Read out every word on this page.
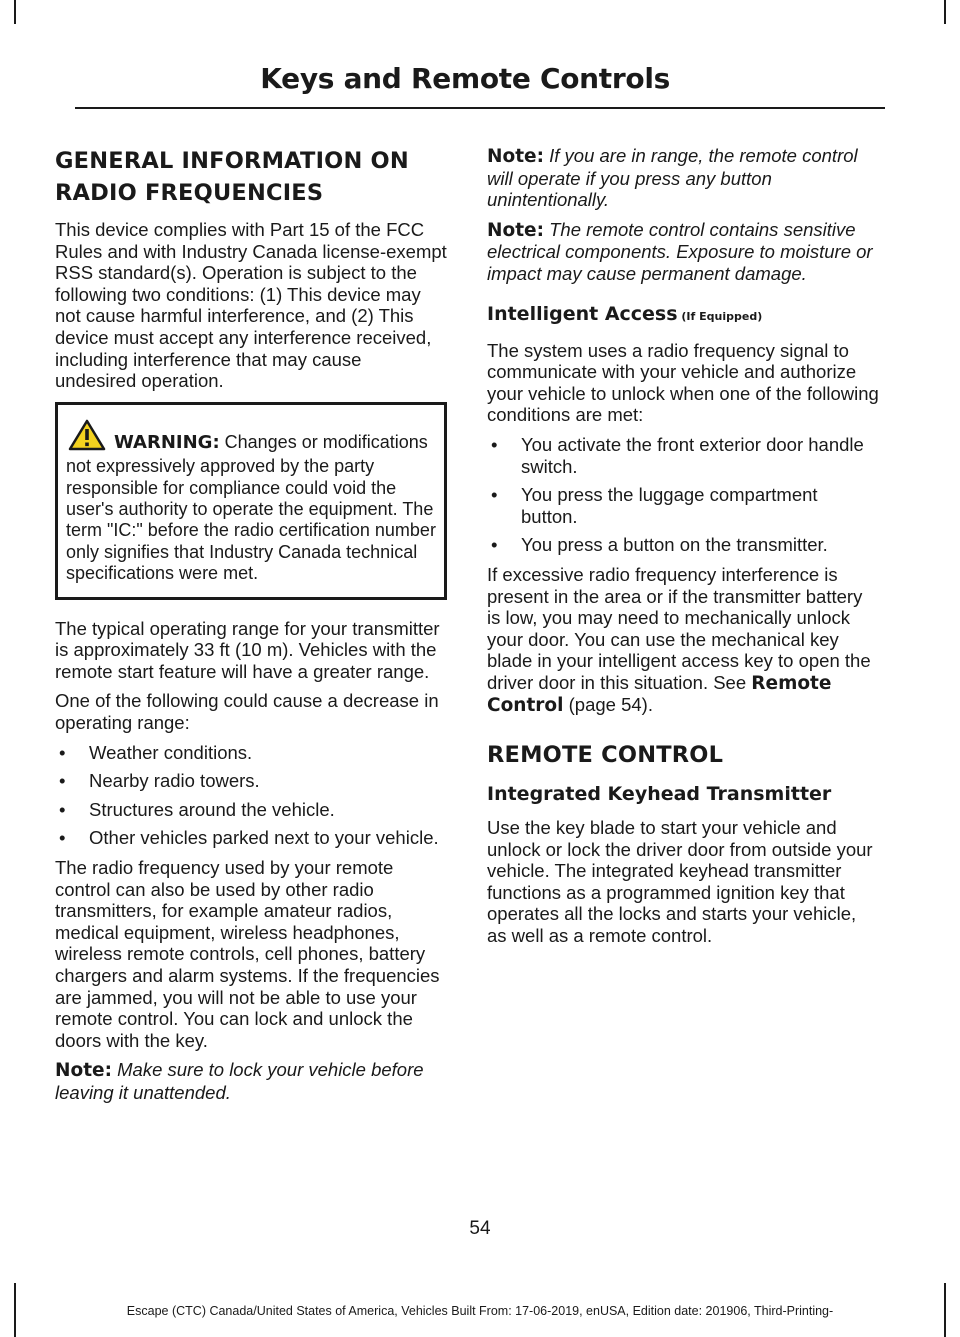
Keys and Remote Controls
GENERAL INFORMATION ON
RADIO FREQUENCIES

This device complies with Part 15 of the FCC Rules and with Industry Canada license-exempt RSS standard(s). Operation is subject to the following two conditions: (1) This device may not cause harmful interference, and (2) This device must accept any interference received, including interference that may cause undesired operation.

WARNING: Changes or modifications not expressively approved by the party responsible for compliance could void the user's authority to operate the equipment. The term "IC:" before the radio certification number only signifies that Industry Canada technical specifications were met.

The typical operating range for your transmitter is approximately 33 ft (10 m). Vehicles with the remote start feature will have a greater range.

One of the following could cause a decrease in operating range:

• Weather conditions.
• Nearby radio towers.
• Structures around the vehicle.
• Other vehicles parked next to your vehicle.

The radio frequency used by your remote control can also be used by other radio transmitters, for example amateur radios, medical equipment, wireless headphones, wireless remote controls, cell phones, battery chargers and alarm systems. If the frequencies are jammed, you will not be able to use your remote control. You can lock and unlock the doors with the key.

Note: Make sure to lock your vehicle before leaving it unattended.

Note: If you are in range, the remote control will operate if you press any button unintentionally.

Note: The remote control contains sensitive electrical components. Exposure to moisture or impact may cause permanent damage.

Intelligent Access (If Equipped)

The system uses a radio frequency signal to communicate with your vehicle and authorize your vehicle to unlock when one of the following conditions are met:

• You activate the front exterior door handle switch.
• You press the luggage compartment button.
• You press a button on the transmitter.

If excessive radio frequency interference is present in the area or if the transmitter battery is low, you may need to mechanically unlock your door. You can use the mechanical key blade in your intelligent access key to open the driver door in this situation. See Remote Control (page 54).

REMOTE CONTROL
Integrated Keyhead Transmitter

Use the key blade to start your vehicle and unlock or lock the driver door from outside your vehicle. The integrated keyhead transmitter functions as a programmed ignition key that operates all the locks and starts your vehicle, as well as a remote control.

54
Escape (CTC) Canada/United States of America, Vehicles Built From: 17-06-2019, enUSA, Edition date: 201906, Third-Printing-
